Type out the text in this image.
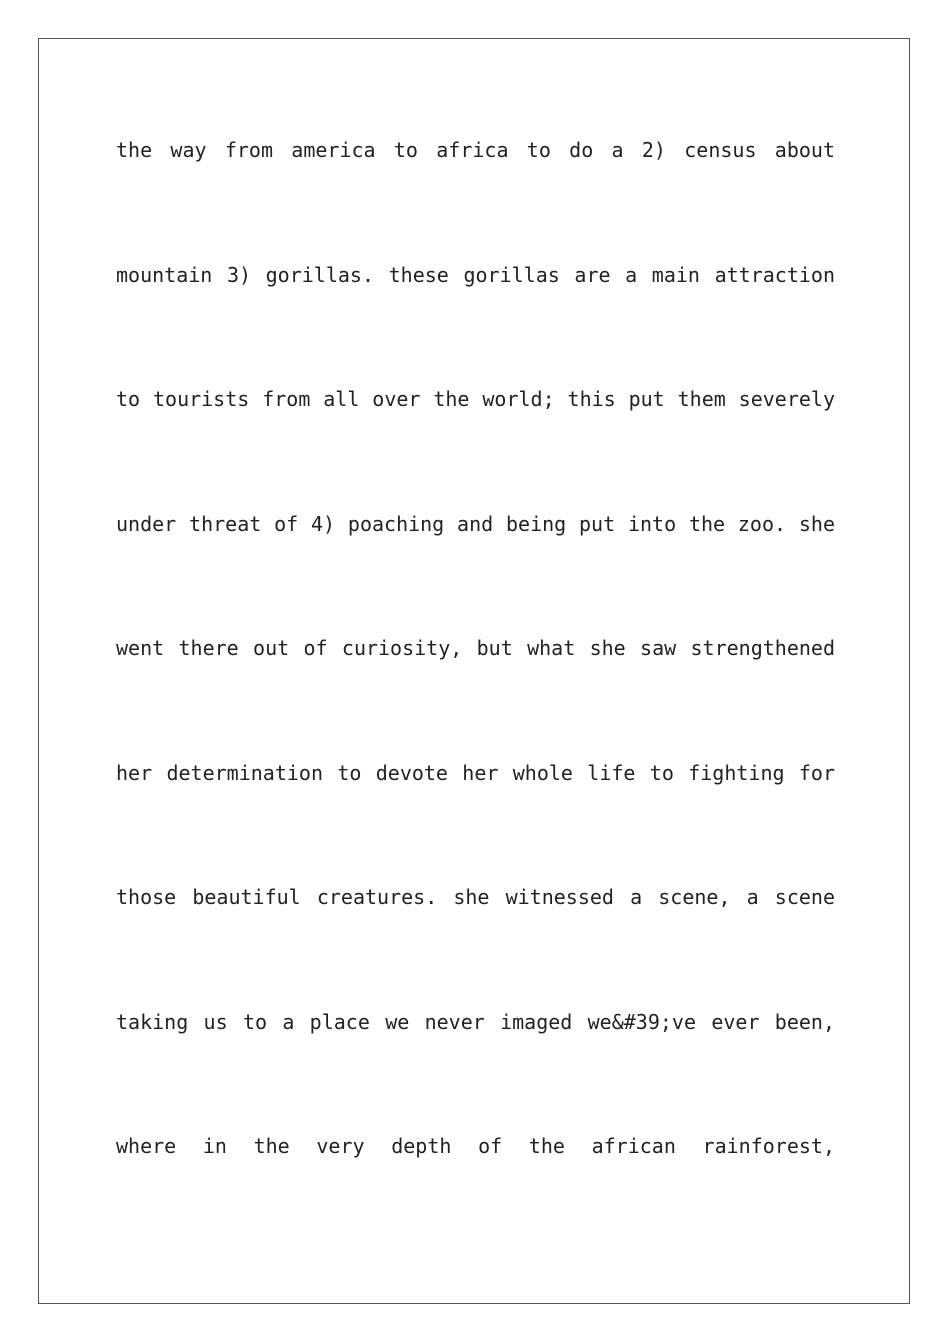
the way from america to africa to do a 2) census about
mountain 3) gorillas. these gorillas are a main attraction
to tourists from all over the world; this put them severely
under threat of 4) poaching and being put into the zoo. she
went there out of curiosity, but what she saw strengthened
her determination to devote her whole life to fighting for
those beautiful creatures. she witnessed a scene, a scene
taking us to a place we never imaged we&#39;ve ever been,
where in the very depth of the african rainforest,
